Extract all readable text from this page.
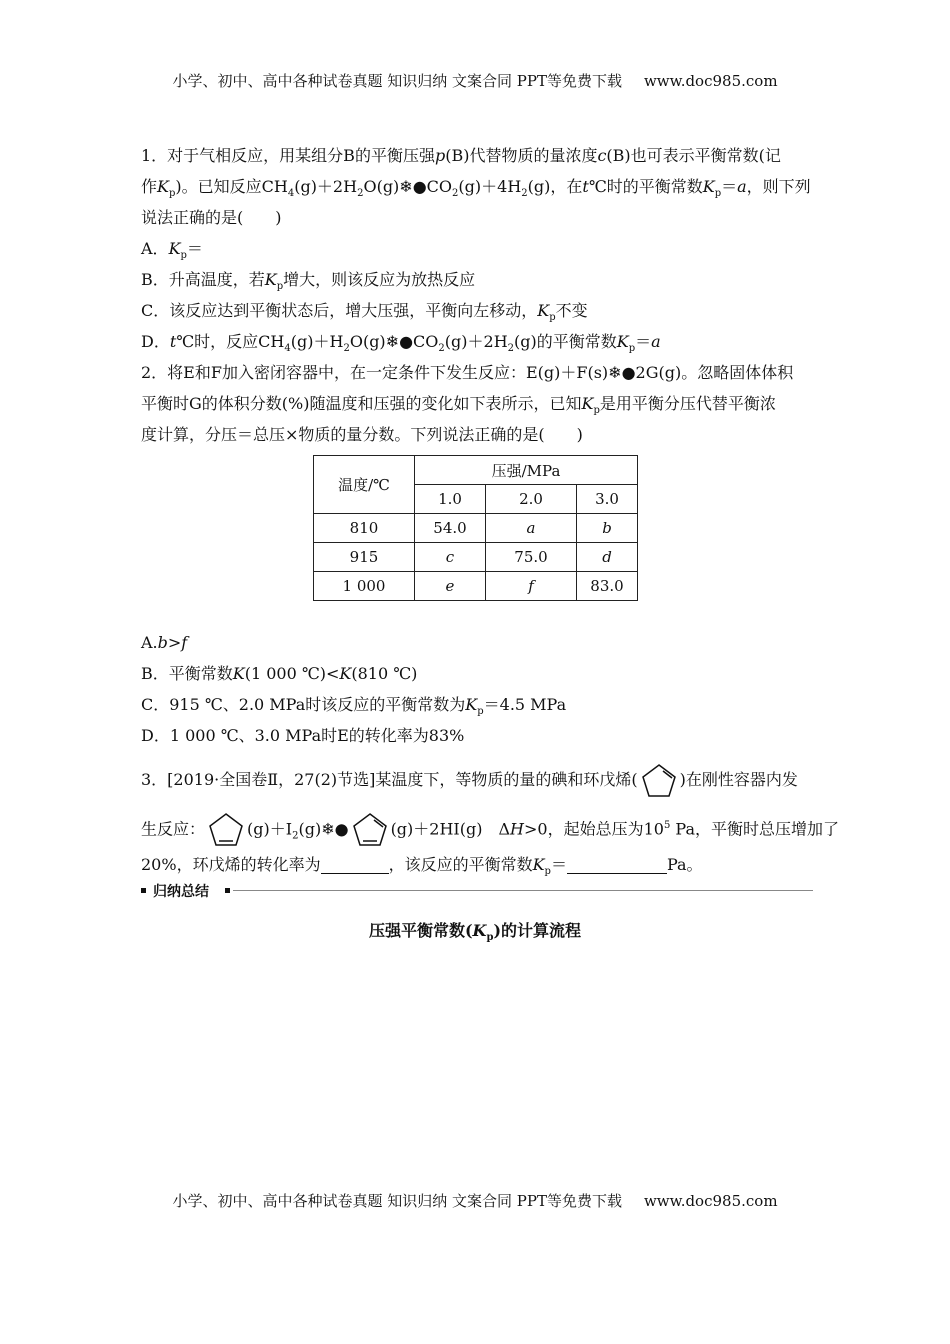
小学、初中、高中各种试卷真题 知识归纳 文案合同 PPT等免费下载 www.doc985.com
1．对于气相反应，用某组分B的平衡压强p(B)代替物质的量浓度c(B)也可表示平衡常数(记
作$K_p$)。已知反应$CH_4(g)+2H_2O(g)❄●CO_2(g)+4H_2(g)$，在t℃时的平衡常数$K_p=a$，则下列
说法正确的是(　　)
A．$K_p=$
B．升高温度，若$K_p$增大，则该反应为放热反应
C．该反应达到平衡状态后，增大压强，平衡向左移动，$K_p$不变
D．t℃时，反应$CH_4(g)+H_2O(g)❄●CO_2(g)+2H_2(g)$的平衡常数$K_p=a$
2．将E和F加入密闭容器中，在一定条件下发生反应：E(g)＋F(s)❄●2G(g)。忽略固体体积
平衡时G的体积分数(%)随温度和压强的变化如下表所示，已知$K_p$是用平衡分压代替平衡浓
度计算，分压＝总压×物质的量分数。下列说法正确的是(　　)
温度/℃	压强/MPa		
	1.0	2.0	3.0
810	54.0	a	b
915	c	75.0	d
1 000	e	f	83.0
A.b>f
B．平衡常数K(1 000 ℃)<K(810 ℃)
C．915 ℃、2.0 MPa时该反应的平衡常数为$K_p=4.5$ MPa
D．1 000 ℃、3.0 MPa时E的转化率为83%
3．[2019·全国卷Ⅱ，27(2)节选]某温度下，等物质的量的碘和环戊烯(	)在刚性容器内发
生反应：	$(g)+I_2(g)❄●$	(g)＋2HI(g)　ΔH>0，起始总压为$10^5$ Pa，平衡时总压增加了
20%，环戊烯的转化率为	，该反应的平衡常数$K_p=$	Pa。
归纳总结
压强平衡常数$(K_p)$的计算流程
小学、初中、高中各种试卷真题 知识归纳 文案合同 PPT等免费下载 www.doc985.com
